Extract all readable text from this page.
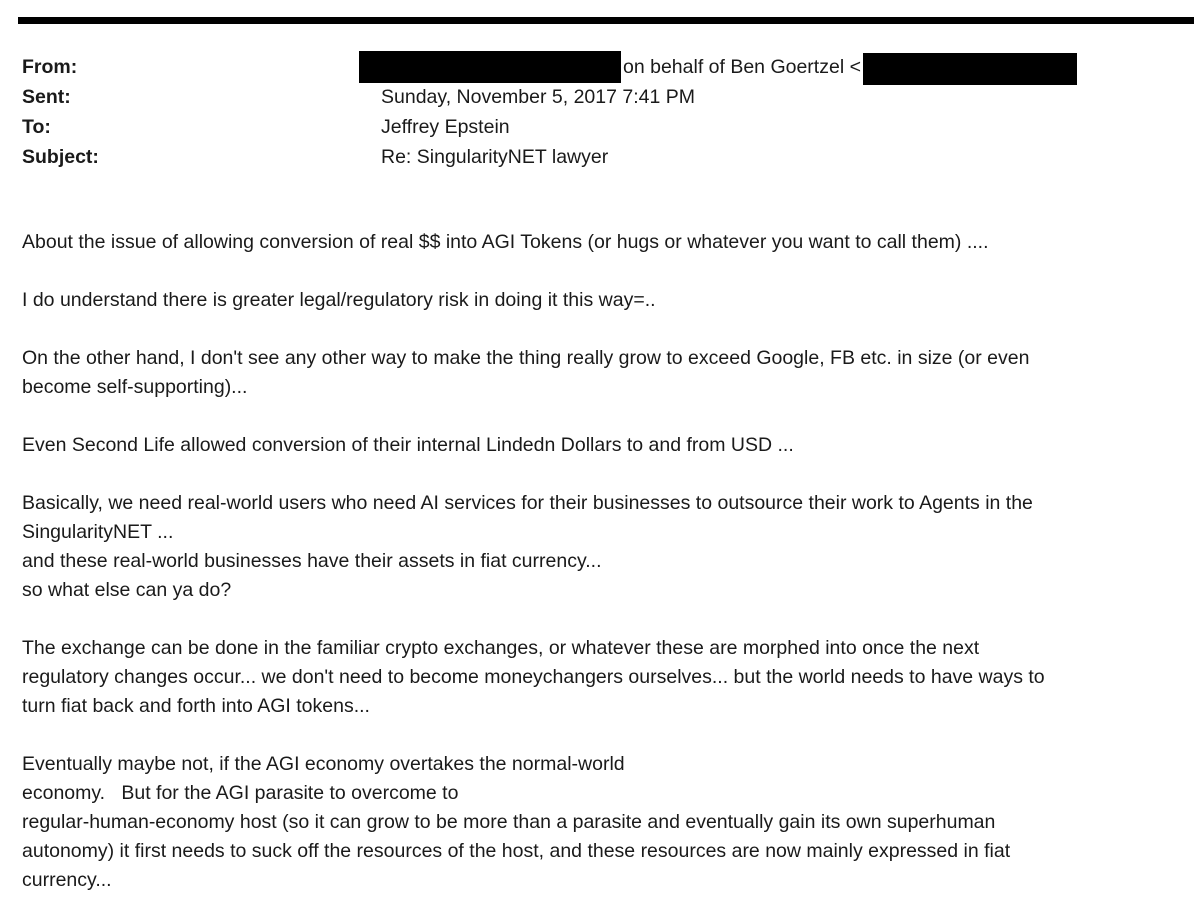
From:	on behalf of Ben Goertzel <
Sent:	Sunday, November 5, 2017 7:41 PM
To:	Jeffrey Epstein
Subject:	Re: SingularityNET lawyer
About the issue of allowing conversion of real $$ into AGI Tokens (or hugs or whatever you want to call them) ....
I do understand there is greater legal/regulatory risk in doing it this way=..
On the other hand, I don't see any other way to make the thing really grow to exceed Google, FB etc. in size (or even
become self-supporting)...
Even Second Life allowed conversion of their internal Lindedn Dollars to and from USD ...
Basically, we need real-world users who need AI services for their businesses to outsource their work to Agents in the
SingularityNET ...
and these real-world businesses have their assets in fiat currency...
so what else can ya do?
The exchange can be done in the familiar crypto exchanges, or whatever these are morphed into once the next
regulatory changes occur... we don't need to become moneychangers ourselves... but the world needs to have ways to
turn fiat back and forth into AGI tokens...
Eventually maybe not, if the AGI economy overtakes the normal-world
economy.   But for the AGI parasite to overcome to
regular-human-economy host (so it can grow to be more than a parasite and eventually gain its own superhuman
autonomy) it first needs to suck off the resources of the host, and these resources are now mainly expressed in fiat
currency...
